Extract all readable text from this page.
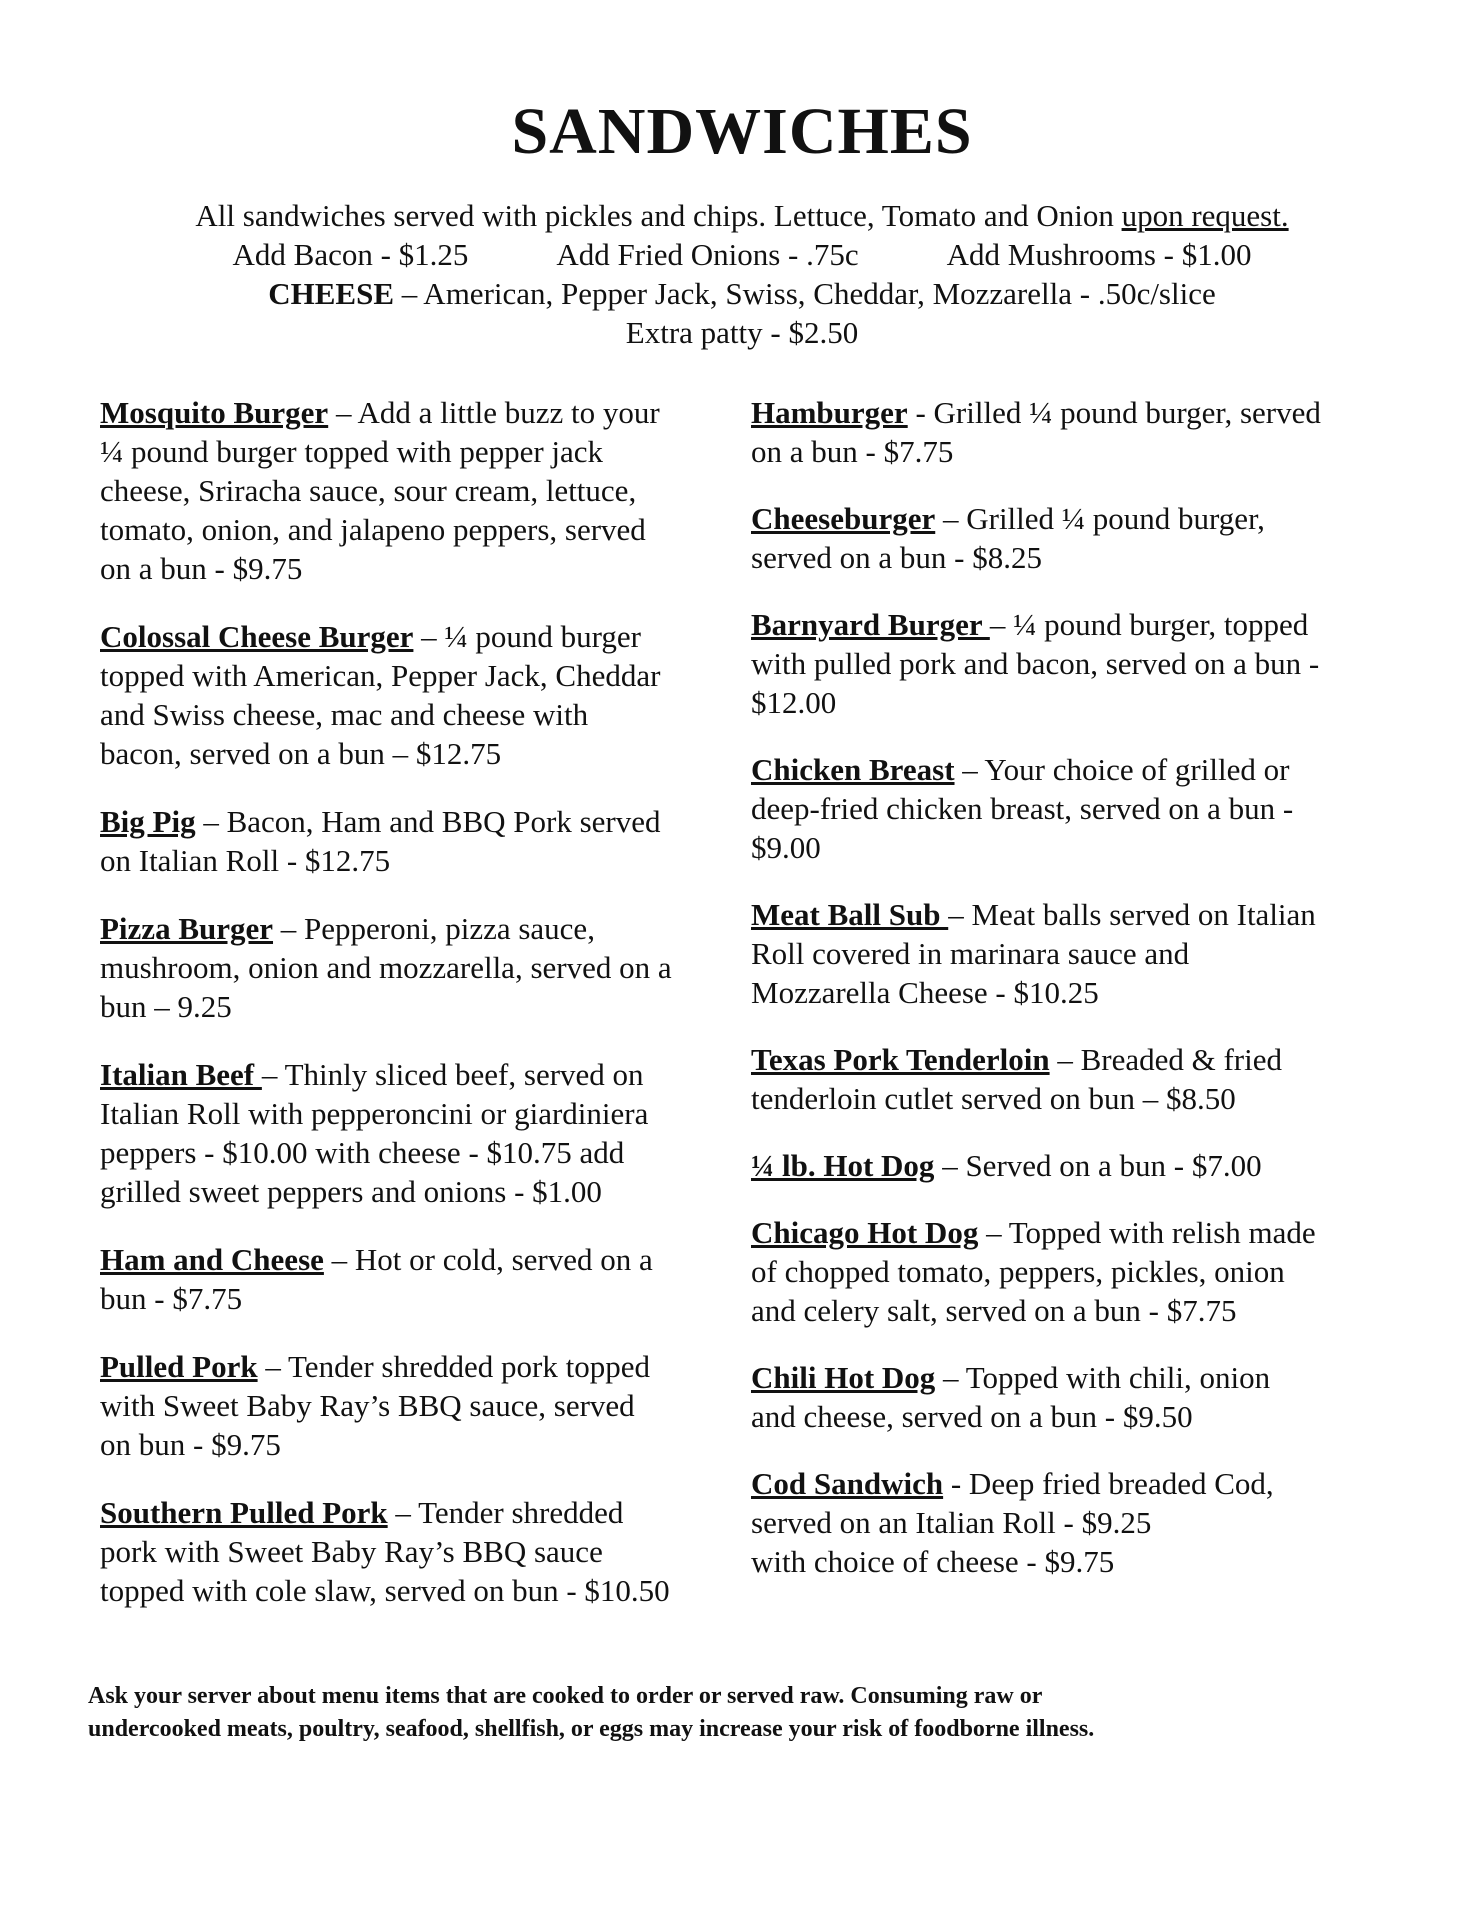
SANDWICHES
All sandwiches served with pickles and chips. Lettuce, Tomato and Onion upon request.
Add Bacon - $1.25	Add Fried Onions - .75c	Add Mushrooms - $1.00
CHEESE – American, Pepper Jack, Swiss, Cheddar, Mozzarella - .50c/slice
Extra patty - $2.50

Mosquito Burger – Add a little buzz to your
¼ pound burger topped with pepper jack
cheese, Sriracha sauce, sour cream, lettuce,
tomato, onion, and jalapeno peppers, served
on a bun - $9.75

Colossal Cheese Burger – ¼ pound burger
topped with American, Pepper Jack, Cheddar
and Swiss cheese, mac and cheese with
bacon, served on a bun – $12.75

Big Pig – Bacon, Ham and BBQ Pork served
on Italian Roll - $12.75

Pizza Burger – Pepperoni, pizza sauce,
mushroom, onion and mozzarella, served on a
bun – 9.25

Italian Beef – Thinly sliced beef, served on
Italian Roll with pepperoncini or giardiniera
peppers - $10.00 with cheese - $10.75 add
grilled sweet peppers and onions - $1.00

Ham and Cheese – Hot or cold, served on a
bun - $7.75

Pulled Pork – Tender shredded pork topped
with Sweet Baby Ray’s BBQ sauce, served
on bun - $9.75

Southern Pulled Pork – Tender shredded
pork with Sweet Baby Ray’s BBQ sauce
topped with cole slaw, served on bun - $10.50

Hamburger - Grilled ¼ pound burger, served
on a bun - $7.75

Cheeseburger – Grilled ¼ pound burger,
served on a bun - $8.25

Barnyard Burger – ¼ pound burger, topped
with pulled pork and bacon, served on a bun -
$12.00

Chicken Breast – Your choice of grilled or
deep-fried chicken breast, served on a bun -
$9.00

Meat Ball Sub – Meat balls served on Italian
Roll covered in marinara sauce and
Mozzarella Cheese - $10.25

Texas Pork Tenderloin – Breaded & fried
tenderloin cutlet served on bun – $8.50

¼ lb. Hot Dog – Served on a bun - $7.00

Chicago Hot Dog – Topped with relish made
of chopped tomato, peppers, pickles, onion
and celery salt, served on a bun - $7.75

Chili Hot Dog – Topped with chili, onion
and cheese, served on a bun - $9.50

Cod Sandwich - Deep fried breaded Cod,
served on an Italian Roll - $9.25
with choice of cheese - $9.75

Ask your server about menu items that are cooked to order or served raw. Consuming raw or
undercooked meats, poultry, seafood, shellfish, or eggs may increase your risk of foodborne illness.
